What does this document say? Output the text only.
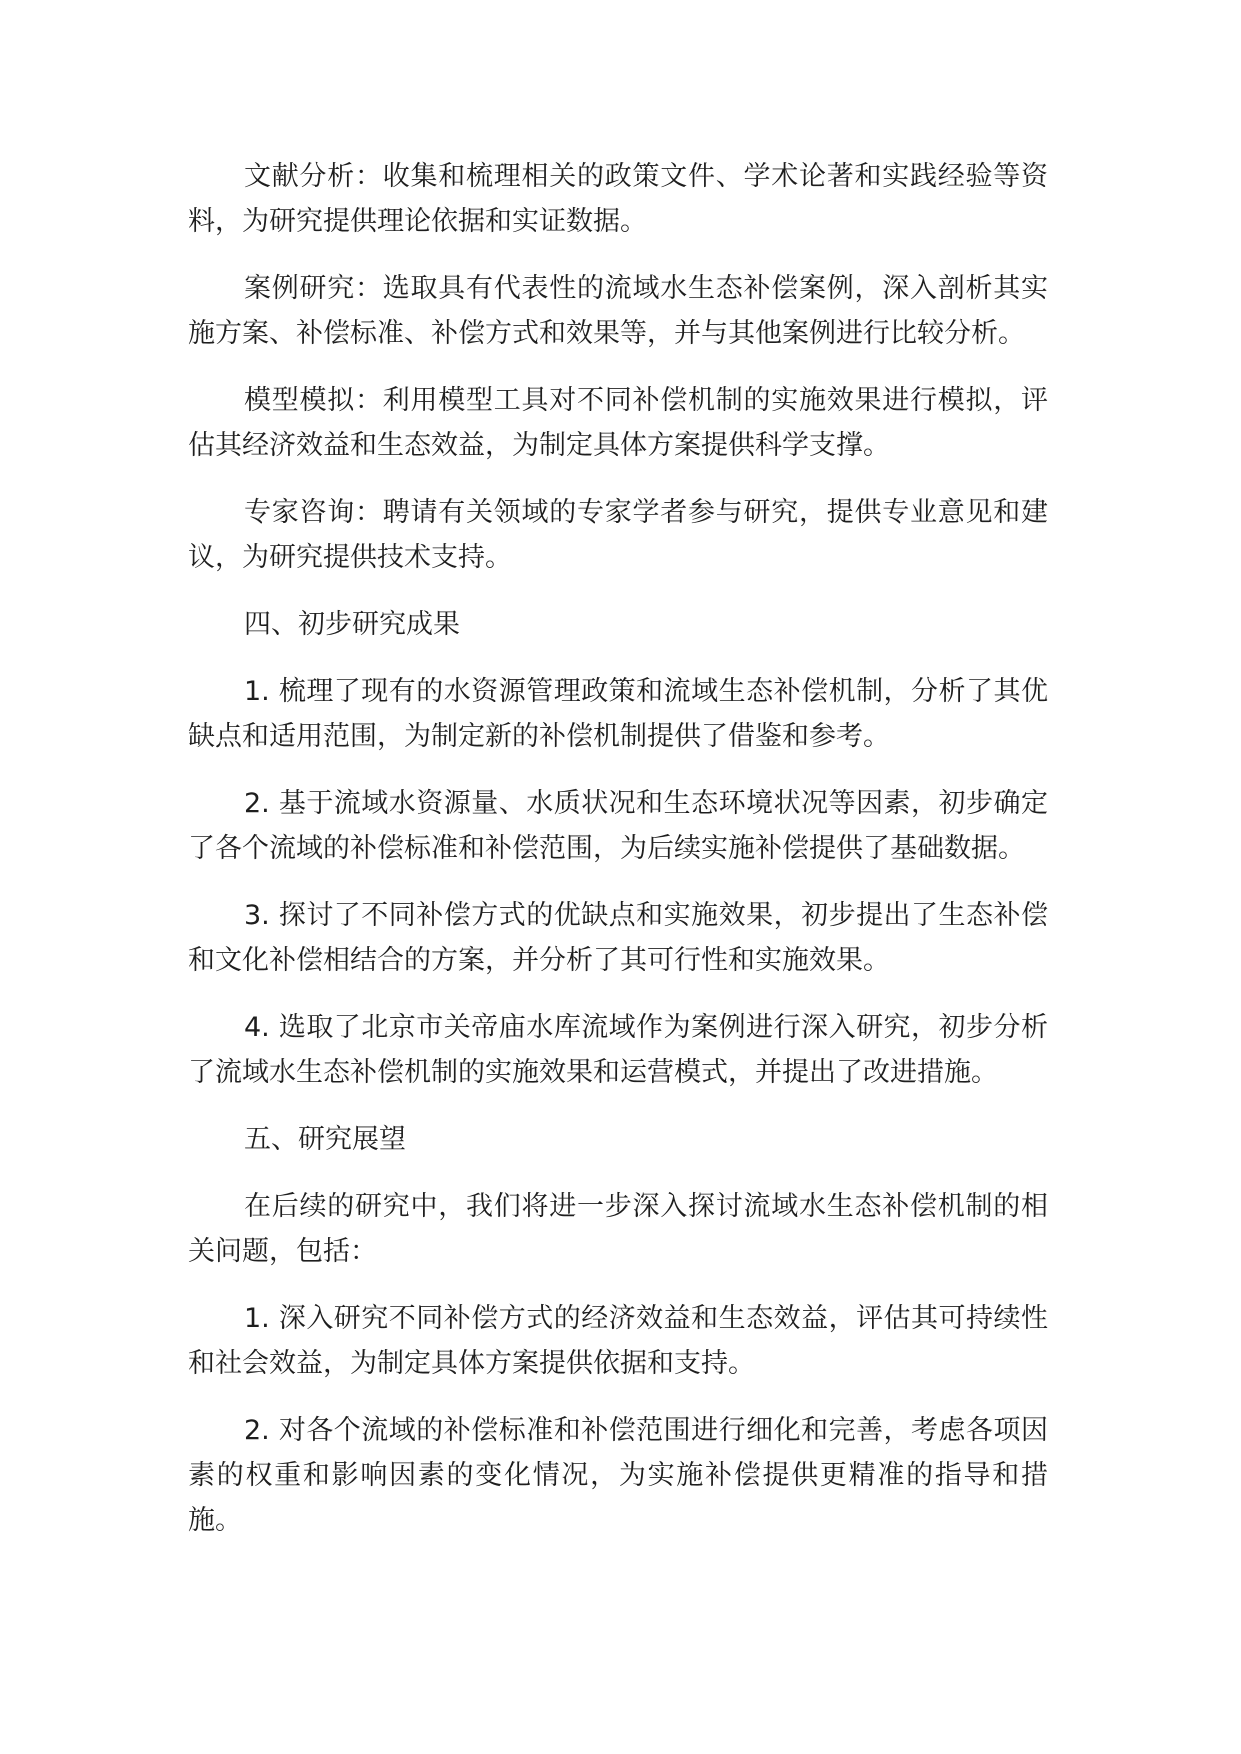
文献分析：收集和梳理相关的政策文件、学术论著和实践经验等资料，为研究提供理论依据和实证数据。

案例研究：选取具有代表性的流域水生态补偿案例，深入剖析其实施方案、补偿标准、补偿方式和效果等，并与其他案例进行比较分析。

模型模拟：利用模型工具对不同补偿机制的实施效果进行模拟，评估其经济效益和生态效益，为制定具体方案提供科学支撑。

专家咨询：聘请有关领域的专家学者参与研究，提供专业意见和建议，为研究提供技术支持。

四、初步研究成果

1. 梳理了现有的水资源管理政策和流域生态补偿机制，分析了其优缺点和适用范围，为制定新的补偿机制提供了借鉴和参考。

2. 基于流域水资源量、水质状况和生态环境状况等因素，初步确定了各个流域的补偿标准和补偿范围，为后续实施补偿提供了基础数据。

3. 探讨了不同补偿方式的优缺点和实施效果，初步提出了生态补偿和文化补偿相结合的方案，并分析了其可行性和实施效果。

4. 选取了北京市关帝庙水库流域作为案例进行深入研究，初步分析了流域水生态补偿机制的实施效果和运营模式，并提出了改进措施。

五、研究展望

在后续的研究中，我们将进一步深入探讨流域水生态补偿机制的相关问题，包括：

1. 深入研究不同补偿方式的经济效益和生态效益，评估其可持续性和社会效益，为制定具体方案提供依据和支持。

2. 对各个流域的补偿标准和补偿范围进行细化和完善，考虑各项因素的权重和影响因素的变化情况，为实施补偿提供更精准的指导和措施。
